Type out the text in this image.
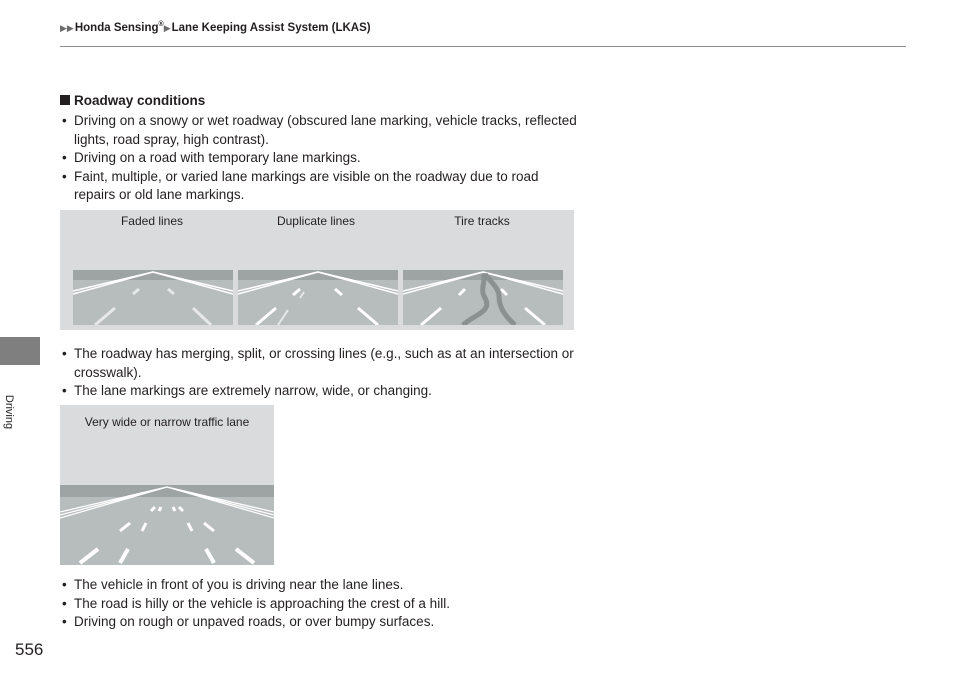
▶▶Honda Sensing®▶Lane Keeping Assist System (LKAS)
Driving
556
Roadway conditions
• Driving on a snowy or wet roadway (obscured lane marking, vehicle tracks, reflected lights, road spray, high contrast).
• Driving on a road with temporary lane markings.
• Faint, multiple, or varied lane markings are visible on the roadway due to road repairs or old lane markings.
Faded lines	Duplicate lines	Tire tracks
• The roadway has merging, split, or crossing lines (e.g., such as at an intersection or crosswalk).
• The lane markings are extremely narrow, wide, or changing.
Very wide or narrow traffic lane
• The vehicle in front of you is driving near the lane lines.
• The road is hilly or the vehicle is approaching the crest of a hill.
• Driving on rough or unpaved roads, or over bumpy surfaces.
